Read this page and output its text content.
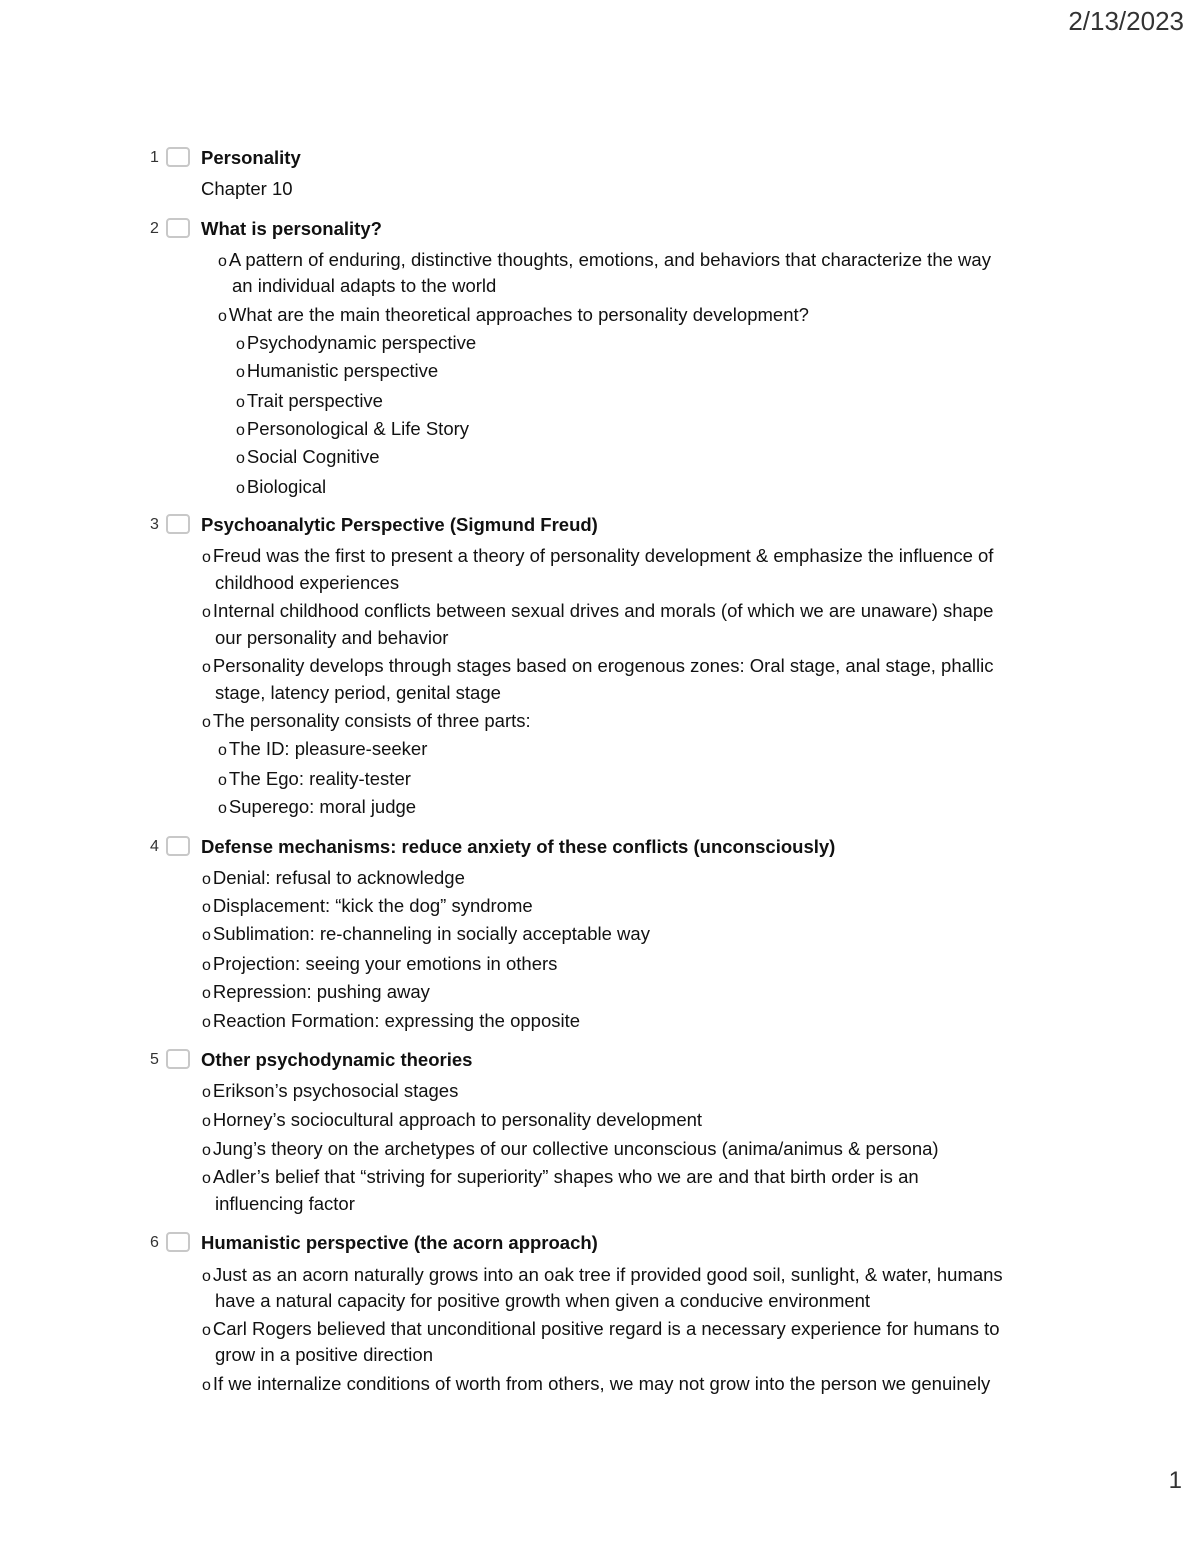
2/13/2023
1 Personality
Chapter 10
2 What is personality?
o A pattern of enduring, distinctive thoughts, emotions, and behaviors that characterize the way
an individual adapts to the world
o What are the main theoretical approaches to personality development?
o Psychodynamic perspective
o Humanistic perspective
o Trait perspective
o Personological & Life Story
o Social Cognitive
o Biological
3 Psychoanalytic Perspective (Sigmund Freud)
o Freud was the first to present a theory of personality development & emphasize the influence of
childhood experiences
o Internal childhood conflicts between sexual drives and morals (of which we are unaware) shape
our personality and behavior
o Personality develops through stages based on erogenous zones: Oral stage, anal stage, phallic
stage, latency period, genital stage
o The personality consists of three parts:
o The ID: pleasure-seeker
o The Ego: reality-tester
o Superego: moral judge
4 Defense mechanisms: reduce anxiety of these conflicts (unconsciously)
o Denial: refusal to acknowledge
o Displacement: “kick the dog” syndrome
o Sublimation: re-channeling in socially acceptable way
o Projection: seeing your emotions in others
o Repression: pushing away
o Reaction Formation: expressing the opposite
5 Other psychodynamic theories
o Erikson’s psychosocial stages
o Horney’s sociocultural approach to personality development
o Jung’s theory on the archetypes of our collective unconscious (anima/animus & persona)
o Adler’s belief that “striving for superiority” shapes who we are and that birth order is an
influencing factor
6 Humanistic perspective (the acorn approach)
o Just as an acorn naturally grows into an oak tree if provided good soil, sunlight, & water, humans
have a natural capacity for positive growth when given a conducive environment
o Carl Rogers believed that unconditional positive regard is a necessary experience for humans to
grow in a positive direction
o If we internalize conditions of worth from others, we may not grow into the person we genuinely
1
